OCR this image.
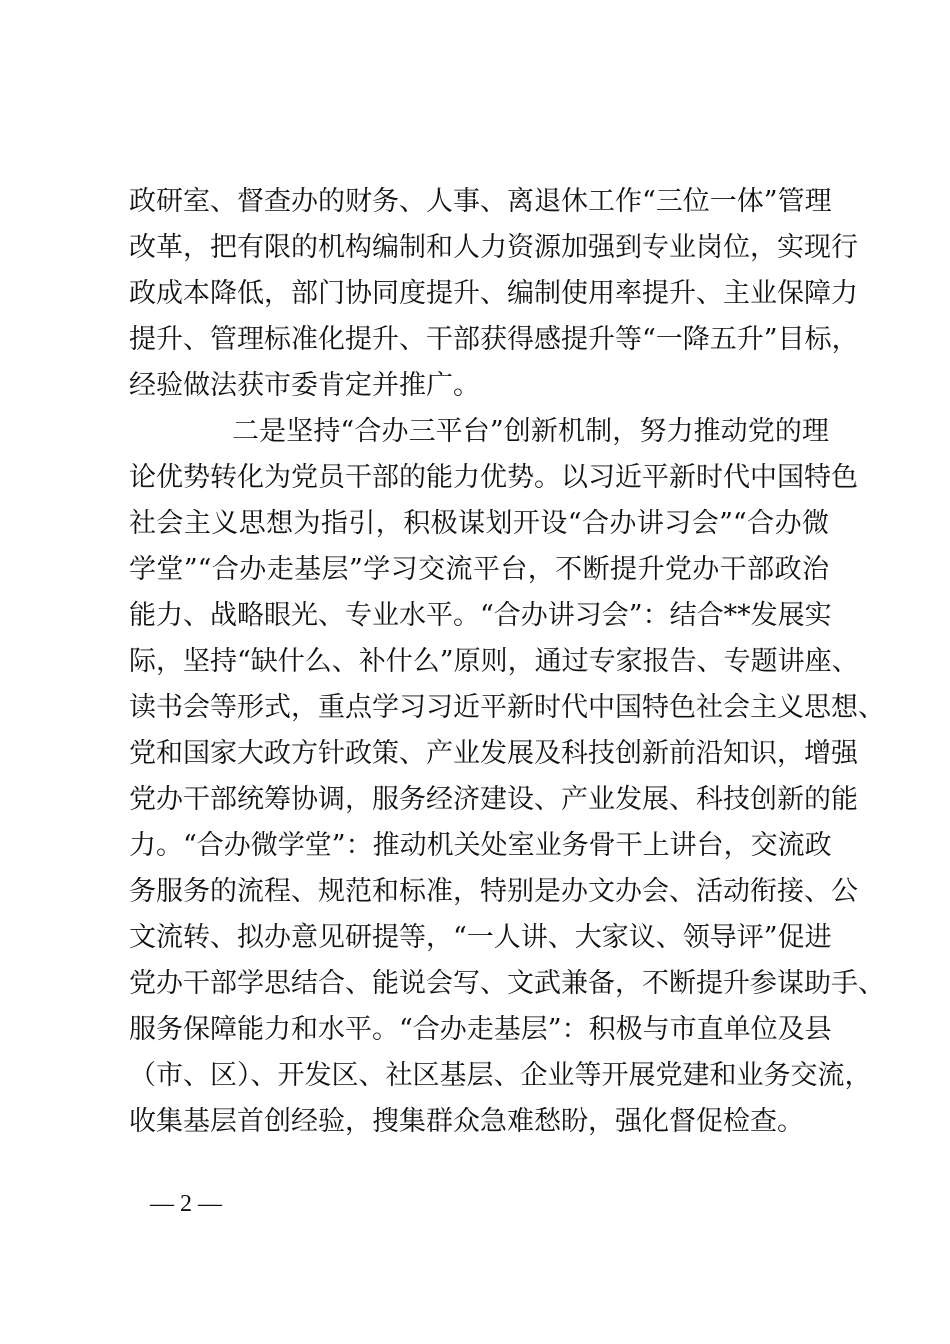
政研室、督查办的财务、人事、离退休工作“三位一体”管理
改革，把有限的机构编制和人力资源加强到专业岗位，实现行
政成本降低，部门协同度提升、编制使用率提升、主业保障力
提升、管理标准化提升、干部获得感提升等“一降五升”目标，
经验做法获市委肯定并推广。
二是坚持“合办三平台”创新机制，努力推动党的理
论优势转化为党员干部的能力优势。以习近平新时代中国特色
社会主义思想为指引，积极谋划开设“合办讲习会”“合办微
学堂”“合办走基层”学习交流平台，不断提升党办干部政治
能力、战略眼光、专业水平。“合办讲习会”：结合**发展实
际，坚持“缺什么、补什么”原则，通过专家报告、专题讲座、
读书会等形式，重点学习习近平新时代中国特色社会主义思想、
党和国家大政方针政策、产业发展及科技创新前沿知识，增强
党办干部统筹协调，服务经济建设、产业发展、科技创新的能
力。“合办微学堂”：推动机关处室业务骨干上讲台，交流政
务服务的流程、规范和标准，特别是办文办会、活动衔接、公
文流转、拟办意见研提等，“一人讲、大家议、领导评”促进
党办干部学思结合、能说会写、文武兼备，不断提升参谋助手、
服务保障能力和水平。“合办走基层”：积极与市直单位及县
（市、区）、开发区、社区基层、企业等开展党建和业务交流，
收集基层首创经验，搜集群众急难愁盼，强化督促检查。
— 2 —
